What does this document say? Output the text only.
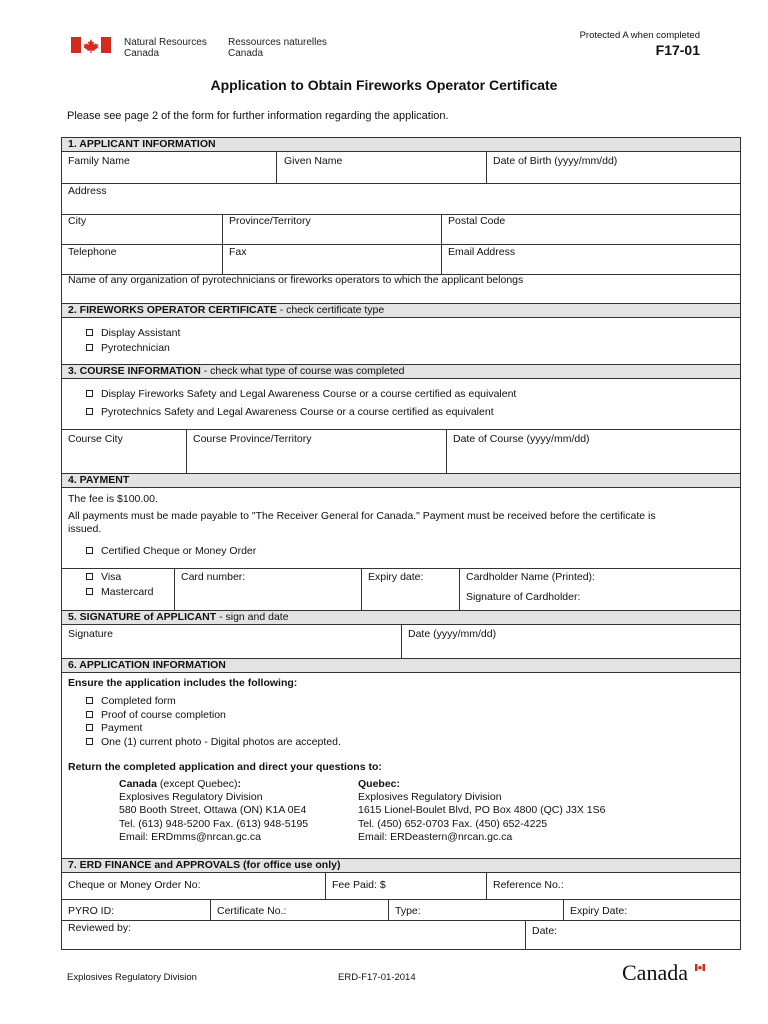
Natural Resources
Canada
Ressources naturelles
Canada
Protected A when completed
F17-01
Application to Obtain Fireworks Operator Certificate
Please see page 2 of the form for further information regarding the application.
1. APPLICANT INFORMATION
Family Name	Given Name	Date of Birth (yyyy/mm/dd)
Address
City	Province/Territory	Postal Code
Telephone	Fax	Email Address
Name of any organization of pyrotechnicians or fireworks operators to which the applicant belongs
2. FIREWORKS OPERATOR CERTIFICATE - check certificate type
Display Assistant
Pyrotechnician
3. COURSE INFORMATION - check what type of course was completed
Display Fireworks Safety and Legal Awareness Course or a course certified as equivalent
Pyrotechnics Safety and Legal Awareness Course or a course certified as equivalent
Course City	Course Province/Territory	Date of Course (yyyy/mm/dd)
4. PAYMENT
The fee is $100.00.
All payments must be made payable to "The Receiver General for Canada." Payment must be received before the certificate is
issued.
Certified Cheque or Money Order
Visa
Mastercard
Card number:	Expiry date:	Cardholder Name (Printed):
Signature of Cardholder:
5. SIGNATURE of APPLICANT - sign and date
Signature	Date (yyyy/mm/dd)
6. APPLICATION INFORMATION
Ensure the application includes the following:
Completed form
Proof of course completion
Payment
One (1) current photo - Digital photos are accepted.
Return the completed application and direct your questions to:
Canada (except Quebec):
Explosives Regulatory Division
580 Booth Street, Ottawa (ON) K1A 0E4
Tel. (613) 948-5200 Fax. (613) 948-5195
Email: ERDmms@nrcan.gc.ca
Quebec:
Explosives Regulatory Division
1615 Lionel-Boulet Blvd, PO Box 4800 (QC) J3X 1S6
Tel. (450) 652-0703 Fax. (450) 652-4225
Email: ERDeastern@nrcan.gc.ca
7. ERD FINANCE and APPROVALS (for office use only)
Cheque or Money Order No:	Fee Paid: $	Reference No.:
PYRO ID:	Certificate No.:	Type:	Expiry Date:
Reviewed by:	Date:
Explosives Regulatory Division	ERD-F17-01-2014	Canada
